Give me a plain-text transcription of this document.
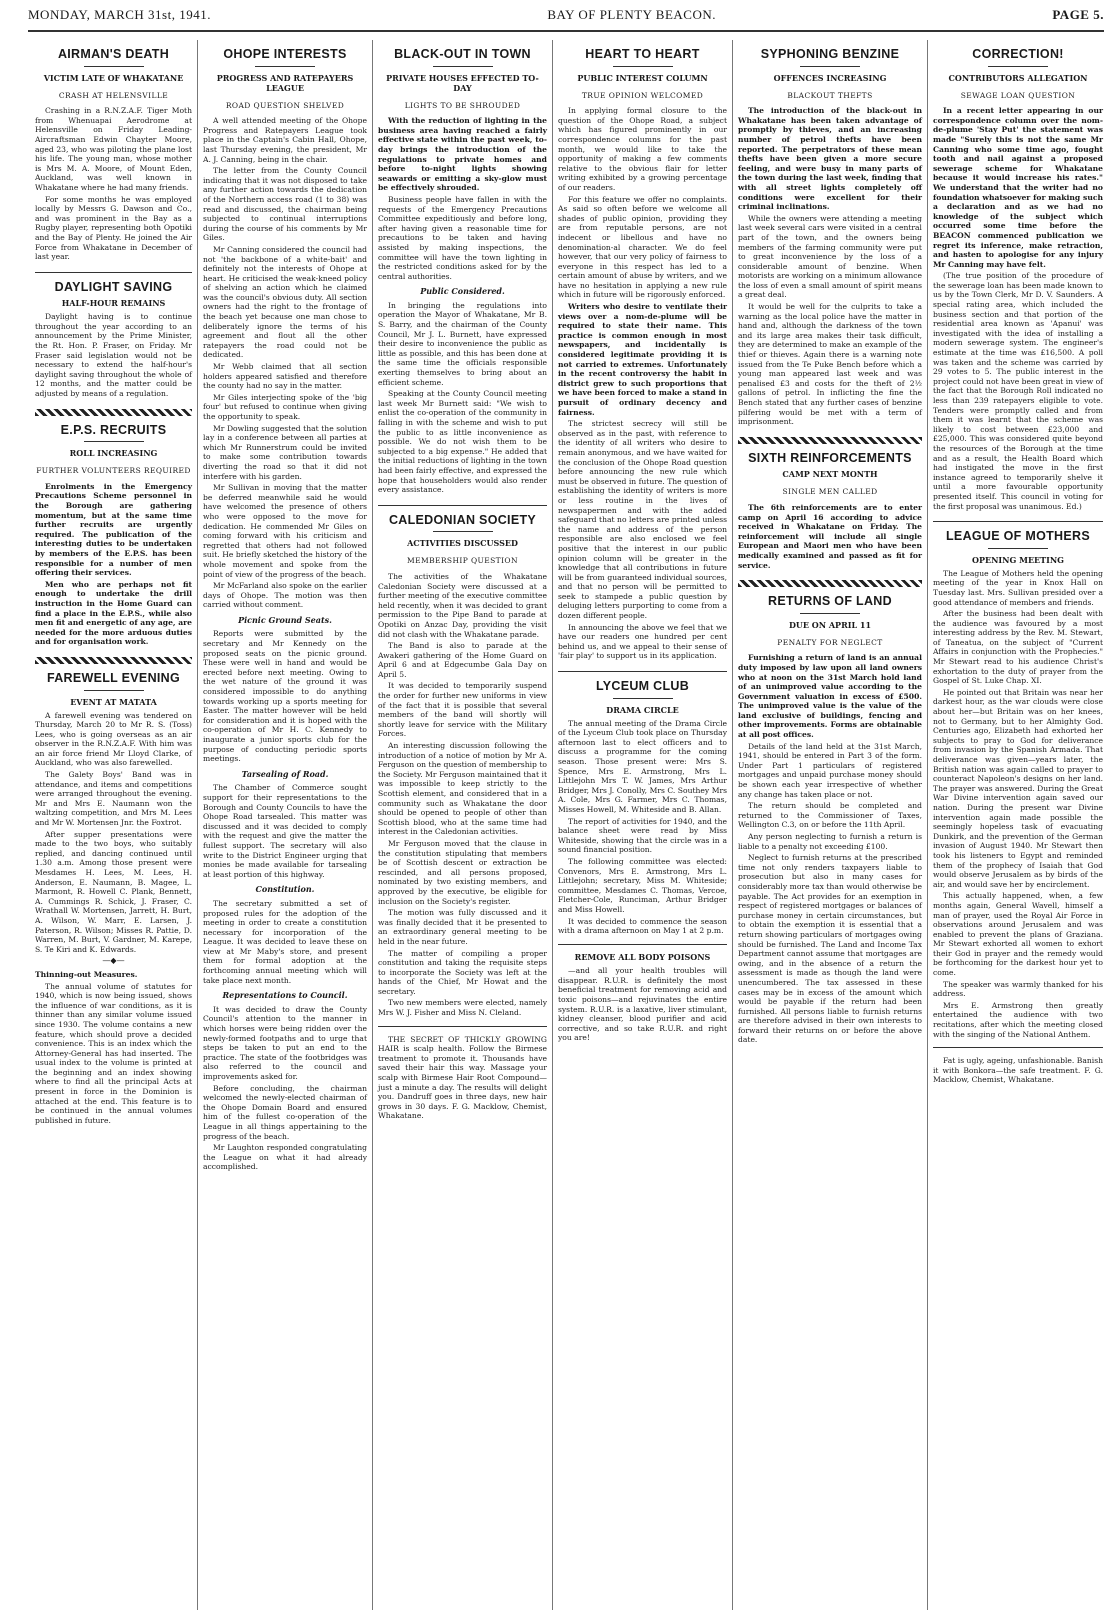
MONDAY, MARCH 31st, 1941.	BAY OF PLENTY BEACON.	PAGE 5.
AIRMAN'S DEATH
VICTIM LATE OF WHAKATANE
CRASH AT HELENSVILLE

Crashing in a R.N.Z.A.F. Tiger Moth from Whenuapai Aerodrome at Helensville on Friday Leading-Aircraftsman Edwin Chayter Moore, aged 23, who was piloting the plane lost his life. The young man, whose mother is Mrs M. A. Moore, of Mount Eden, Auckland, was well known in Whakatane where he had many friends.

For some months he was employed locally by Messrs G. Dawson and Co., and was prominent in the Bay as a Rugby player, representing both Opotiki and the Bay of Plenty. He joined the Air Force from Whakatane in December of last year.

DAYLIGHT SAVING
HALF-HOUR REMAINS

Daylight having is to continue throughout the year according to an announcement by the Prime Minister, the Rt. Hon. P. Fraser, on Friday. Mr Fraser said legislation would not be necessary to extend the half-hour's daylight saving throughout the whole of 12 months, and the matter could be adjusted by means of a regulation.

E.P.S. RECRUITS
ROLL INCREASING
FURTHER VOLUNTEERS REQUIRED

Enrolments in the Emergency Precautions Scheme personnel in the Borough are gathering momentum, but at the same time further recruits are urgently required. The publication of the interesting duties to be undertaken by members of the E.P.S. has been responsible for a number of men offering their services.

Men who are perhaps not fit enough to undertake the drill instruction in the Home Guard can find a place in the E.P.S., while also men fit and energetic of any age, are needed for the more arduous duties and for organisation work.

FAREWELL EVENING
EVENT AT MATATA

A farewell evening was tendered on Thursday, March 20 to Mr R. S. (Toss) Lees, who is going overseas as an air observer in the R.N.Z.A.F. With him was an air force friend Mr Lloyd Clarke, of Auckland, who was also farewelled.

The Galety Boys' Band was in attendance, and items and competitions were arranged throughout the evening. Mr and Mrs E. Naumann won the waltzing competition, and Mrs M. Lees and Mr W. Mortensen Jnr. the Foxtrot.

After supper presentations were made to the two boys, who suitably replied, and dancing continued until 1.30 a.m. Among those present were Mesdames H. Lees, M. Lees, H. Anderson, E. Naumann, B. Magee, L. Marmont, R. Howell C. Plank, Bennett, A. Cummings R. Schick, J. Fraser, C. Wrathall W. Mortensen, Jarrett, H. Burt, A. Wilson, W. Marr, E. Larsen, J. Paterson, R. Wilson; Misses R. Pattie, D. Warren, M. Burt, V. Gardner, M. Karepe, S. Te Kiri and K. Edwards.

—◆—
Thinning-out Measures.

The annual volume of statutes for 1940, which is now being issued, shows the influence of war conditions, as it is thinner than any similar volume issued since 1930. The volume contains a new feature, which should prove a decided convenience. This is an index which the Attorney-General has had inserted. The usual index to the volume is printed at the beginning and an index showing where to find all the principal Acts at present in force in the Dominion is attached at the end. This feature is to be continued in the annual volumes published in future.

OHOPE INTERESTS
PROGRESS AND RATEPAYERS LEAGUE
ROAD QUESTION SHELVED

A well attended meeting of the Ohope Progress and Ratepayers League took place in the Captain's Cabin Hall, Ohope, last Thursday evening, the president, Mr A. J. Canning, being in the chair.

The letter from the County Council indicating that it was not disposed to take any further action towards the dedication of the Northern access road (1 to 38) was read and discussed, the chairman being subjected to continual interruptions during the course of his comments by Mr Giles.

Mr Canning considered the council had not 'the backbone of a white-bait' and definitely not the interests of Ohope at heart. He criticised the weak-kneed policy of shelving an action which he claimed was the council's obvious duty. All section owners had the right to the frontage of the beach yet because one man chose to deliberately ignore the terms of his agreement and flout all the other ratepayers the road could not be dedicated.

Mr Webb claimed that all section holders appeared satisfied and therefore the county had no say in the matter.

Mr Giles interjecting spoke of the 'big four' but refused to continue when giving the opportunity to speak.

Mr Dowling suggested that the solution lay in a conference between all parties at which Mr Runnerstrum could be invited to make some contribution towards diverting the road so that it did not interfere with his garden.

Mr Sullivan in moving that the matter be deferred meanwhile said he would have welcomed the presence of others who were opposed to the move for dedication. He commended Mr Giles on coming forward with his criticism and regretted that others had not followed suit. He briefly sketched the history of the whole movement and spoke from the point of view of the progress of the beach.

Mr McFarland also spoke on the earlier days of Ohope. The motion was then carried without comment.

Picnic Ground Seats.

Reports were submitted by the secretary and Mr Kennedy on the proposed seats on the picnic ground. These were well in hand and would be erected before next meeting. Owing to the wet nature of the ground it was considered impossible to do anything towards working up a sports meeting for Easter. The matter however will be held for consideration and it is hoped with the co-operation of Mr H. C. Kennedy to inaugurate a junior sports club for the purpose of conducting periodic sports meetings.

Tarsealing of Road.

The Chamber of Commerce sought support for their representations to the Borough and County Councils to have the Ohope Road tarsealed. This matter was discussed and it was decided to comply with the request and give the matter the fullest support. The secretary will also write to the District Engineer urging that monies be made available for tarsealing at least portion of this highway.

Constitution.

The secretary submitted a set of proposed rules for the adoption of the meeting in order to create a constitution necessary for incorporation of the League. It was decided to leave these on view at Mr Maby's store, and present them for formal adoption at the forthcoming annual meeting which will take place next month.

Representations to Council.

It was decided to draw the County Council's attention to the manner in which horses were being ridden over the newly-formed footpaths and to urge that steps be taken to put an end to the practice. The state of the footbridges was also referred to the council and improvements asked for.

Before concluding, the chairman welcomed the newly-elected chairman of the Ohope Domain Board and ensured him of the fullest co-operation of the League in all things appertaining to the progress of the beach.

Mr Laughton responded congratulating the League on what it had already accomplished.

BLACK-OUT IN TOWN
PRIVATE HOUSES EFFECTED TO-DAY
LIGHTS TO BE SHROUDED

With the reduction of lighting in the business area having reached a fairly effective state within the past week, to-day brings the introduction of the regulations to private homes and before to-night lights showing seawards or emitting a sky-glow must be effectively shrouded.

Business people have fallen in with the requests of the Emergency Precautions Committee expeditiously and before long, after having given a reasonable time for precautions to be taken and having assisted by making inspections, the committee will have the town lighting in the restricted conditions asked for by the central authorities.

Public Considered.

In bringing the regulations into operation the Mayor of Whakatane, Mr B. S. Barry, and the chairman of the County Council, Mr J. L. Burnett, have expressed their desire to inconvenience the public as little as possible, and this has been done at the same time the officials responsible exerting themselves to bring about an efficient scheme.

Speaking at the County Council meeting last week Mr Burnett said: "We wish to enlist the co-operation of the community in falling in with the scheme and wish to put the public to as little inconvenience as possible. We do not wish them to be subjected to a big expense." He added that the initial reductions of lighting in the town had been fairly effective, and expressed the hope that householders would also render every assistance.

CALEDONIAN SOCIETY
ACTIVITIES DISCUSSED
MEMBERSHIP QUESTION

The activities of the Whakatane Caledonian Society were discussed at a further meeting of the executive committee held recently, when it was decided to grant permission to the Pipe Band to parade at Opotiki on Anzac Day, providing the visit did not clash with the Whakatane parade.

The Band is also to parade at the Awakeri gathering of the Home Guard on April 6 and at Edgecumbe Gala Day on April 5.

It was decided to temporarily suspend the order for further new uniforms in view of the fact that it is possible that several members of the band will shortly will shortly leave for service with the Military Forces.

An interesting discussion following the introduction of a notice of motion by Mr A. Ferguson on the question of membership to the Society. Mr Ferguson maintained that it was impossible to keep strictly to the Scottish element, and considered that in a community such as Whakatane the door should be opened to people of other than Scottish blood, who at the same time had interest in the Caledonian activities.

Mr Ferguson moved that the clause in the constitution stipulating that members be of Scottish descent or extraction be rescinded, and all persons proposed, nominated by two existing members, and approved by the executive, be eligible for inclusion on the Society's register.

The motion was fully discussed and it was finally decided that it be presented to an extraordinary general meeting to be held in the near future.

The matter of compiling a proper constitution and taking the requisite steps to incorporate the Society was left at the hands of the Chief, Mr Howat and the secretary.

Two new members were elected, namely Mrs W. J. Fisher and Miss N. Cleland.

THE SECRET OF THICKLY GROWING HAIR is scalp health. Follow the Birmese treatment to promote it. Thousands have saved their hair this way. Massage your scalp with Birmese Hair Root Compound—just a minute a day. The results will delight you. Dandruff goes in three days, new hair grows in 30 days. F. G. Macklow, Chemist, Whakatane.

HEART TO HEART
PUBLIC INTEREST COLUMN
TRUE OPINION WELCOMED

In applying formal closure to the question of the Ohope Road, a subject which has figured prominently in our correspondence columns for the past month, we would like to take the opportunity of making a few comments relative to the obvious flair for letter writing exhibited by a growing percentage of our readers.

For this feature we offer no complaints. As said so often before we welcome all shades of public opinion, providing they are from reputable persons, are not indecent or libellous and have no denomination-al character. We do feel however, that our very policy of fairness to everyone in this respect has led to a certain amount of abuse by writers, and we have no hesitation in applying a new rule which in future will be rigorously enforced.

Writers who desire to ventilate their views over a nom-de-plume will be required to state their name. This practice is common enough in most newspapers, and incidentally is considered legitimate providing it is not carried to extremes. Unfortunately in the recent controversy the habit in district grew to such proportions that we have been forced to make a stand in pursuit of ordinary decency and fairness.

The strictest secrecy will still be observed as in the past, with reference to the identity of all writers who desire to remain anonymous, and we have waited for the conclusion of the Ohope Road question before announcing the new rule which must be observed in future. The question of establishing the identity of writers is more or less routine in the lives of newspapermen and with the added safeguard that no letters are printed unless the name and address of the person responsible are also enclosed we feel positive that the interest in our public opinion column will be greater in the knowledge that all contributions in future will be from guaranteed individual sources, and that no person will be permitted to seek to stampede a public question by deluging letters purporting to come from a dozen different people.

In announcing the above we feel that we have our readers one hundred per cent behind us, and we appeal to their sense of 'fair play' to support us in its application.

LYCEUM CLUB
DRAMA CIRCLE

The annual meeting of the Drama Circle of the Lyceum Club took place on Thursday afternoon last to elect officers and to discuss a programme for the coming season. Those present were: Mrs S. Spence, Mrs E. Armstrong, Mrs L. Littlejohn Mrs T. W. James, Mrs Arthur Bridger, Mrs J. Conolly, Mrs C. Southey Mrs A. Cole, Mrs G. Farmer, Mrs C. Thomas, Misses Howell, M. Whiteside and B. Allan.

The report of activities for 1940, and the balance sheet were read by Miss Whiteside, showing that the circle was in a sound financial position.

The following committee was elected: Convenors, Mrs E. Armstrong, Mrs L. Littlejohn; secretary, Miss M. Whiteside; committee, Mesdames C. Thomas, Vercoe, Fletcher-Cole, Runciman, Arthur Bridger and Miss Howell.

It was decided to commence the season with a drama afternoon on May 1 at 2 p.m.

REMOVE ALL BODY POISONS

—and all your health troubles will disappear. R.U.R. is definitely the most beneficial treatment for removing acid and toxic poisons—and rejuvinates the entire system. R.U.R. is a laxative, liver stimulant, kidney cleanser, blood purifier and acid corrective, and so take R.U.R. and right you are!

SYPHONING BENZINE
OFFENCES INCREASING
BLACKOUT THEFTS

The introduction of the black-out in Whakatane has been taken advantage of promptly by thieves, and an increasing number of petrol thefts have been reported. The perpetrators of these mean thefts have been given a more secure feeling, and were busy in many parts of the town during the last week, finding that with all street lights completely off conditions were excellent for their criminal inclinations.

While the owners were attending a meeting last week several cars were visited in a central part of the town, and the owners being members of the farming community were put to great inconvenience by the loss of a considerable amount of benzine. When motorists are working on a minimum allowance the loss of even a small amount of spirit means a great deal.

It would be well for the culprits to take a warning as the local police have the matter in hand and, although the darkness of the town and its large area makes their task difficult, they are determined to make an example of the thief or thieves. Again there is a warning note issued from the Te Puke Bench before which a young man appeared last week and was penalised £3 and costs for the theft of 2½ gallons of petrol. In inflicting the fine the Bench stated that any further cases of benzine pilfering would be met with a term of imprisonment.

SIXTH REINFORCEMENTS
CAMP NEXT MONTH
SINGLE MEN CALLED

The 6th reinforcements are to enter camp on April 16 according to advice received in Whakatane on Friday. The reinforcement will include all single European and Maori men who have been medically examined and passed as fit for service.

RETURNS OF LAND
DUE ON APRIL 11
PENALTY FOR NEGLECT

Furnishing a return of land is an annual duty imposed by law upon all land owners who at noon on the 31st March hold land of an unimproved value according to the Government valuation in excess of £500. The unimproved value is the value of the land exclusive of buildings, fencing and other improvements. Forms are obtainable at all post offices.

Details of the land held at the 31st March, 1941, should be entered in Part 3 of the form. Under Part 1 particulars of registered mortgages and unpaid purchase money should be shown each year irrespective of whether any change has taken place or not.

The return should be completed and returned to the Commissioner of Taxes, Wellington C.3, on or before the 11th April.

Any person neglecting to furnish a return is liable to a penalty not exceeding £100.

Neglect to furnish returns at the prescribed time not only renders taxpayers liable to prosecution but also in many cases for considerably more tax than would otherwise be payable. The Act provides for an exemption in respect of registered mortgages or balances of purchase money in certain circumstances, but to obtain the exemption it is essential that a return showing particulars of mortgages owing should be furnished. The Land and Income Tax Department cannot assume that mortgages are owing, and in the absence of a return the assessment is made as though the land were unencumbered. The tax assessed in these cases may be in excess of the amount which would be payable if the return had been furnished. All persons liable to furnish returns are therefore advised in their own interests to forward their returns on or before the above date.

CORRECTION!
CONTRIBUTORS ALLEGATION
SEWAGE LOAN QUESTION

In a recent letter appearing in our correspondence column over the nom-de-plume 'Stay Put' the statement was made "Surely this is not the same Mr Canning who some time ago, fought tooth and nail against a proposed sewerage scheme for Whakatane because it would increase his rates." We understand that the writer had no foundation whatsoever for making such a declaration and as we had no knowledge of the subject which occurred some time before the BEACON commenced publication we regret its inference, make retraction, and hasten to apologise for any injury Mr Canning may have felt.

(The true position of the procedure of the sewerage loan has been made known to us by the Town Clerk, Mr D. V. Saunders. A special rating area, which included the business section and that portion of the residential area known as 'Apanui' was investigated with the idea of installing a modern sewerage system. The engineer's estimate at the time was £16,500. A poll was taken and the scheme was carried by 29 votes to 5. The public interest in the project could not have been great in view of the fact that the Borough Roll indicated no less than 239 ratepayers eligible to vote. Tenders were promptly called and from them it was learnt that the scheme was likely to cost between £23,000 and £25,000. This was considered quite beyond the resources of the Borough at the time and as a result, the Health Board which had instigated the move in the first instance agreed to temporarily shelve it until a more favourable opportunity presented itself. This council in voting for the first proposal was unanimous. Ed.)

LEAGUE OF MOTHERS
OPENING MEETING

The League of Mothers held the opening meeting of the year in Knox Hall on Tuesday last. Mrs. Sullivan presided over a good attendance of members and friends.

After the business had been dealt with the audience was favoured by a most interesting address by the Rev. M. Stewart, of Taneatua, on the subject of "Current Affairs in conjunction with the Prophecies." Mr Stewart read to his audience Christ's exhortation to the duty of prayer from the Gospel of St. Luke Chap. XI.

He pointed out that Britain was near her darkest hour, as the war clouds were close about her—but Britain was on her knees, not to Germany, but to her Almighty God. Centuries ago, Elizabeth had exhorted her subjects to pray to God for deliverance from invasion by the Spanish Armada. That deliverance was given—years later, the British nation was again called to prayer to counteract Napoleon's designs on her land. The prayer was answered. During the Great War Divine intervention again saved our nation. During the present war Divine intervention again made possible the seemingly hopeless task of evacuating Dunkirk, and the prevention of the German invasion of August 1940. Mr Stewart then took his listeners to Egypt and reminded them of the prophecy of Isaiah that God would observe Jerusalem as by birds of the air, and would save her by encirclement.

This actually happened, when, a few months again, General Wavell, himself a man of prayer, used the Royal Air Force in observations around Jerusalem and was enabled to prevent the plans of Graziana. Mr Stewart exhorted all women to exhort their God in prayer and the remedy would be forthcoming for the darkest hour yet to come.

The speaker was warmly thanked for his address.

Mrs E. Armstrong then greatly entertained the audience with two recitations, after which the meeting closed with the singing of the National Anthem.

Fat is ugly, ageing, unfashionable. Banish it with Bonkora—the safe treatment. F. G. Macklow, Chemist, Whakatane.
